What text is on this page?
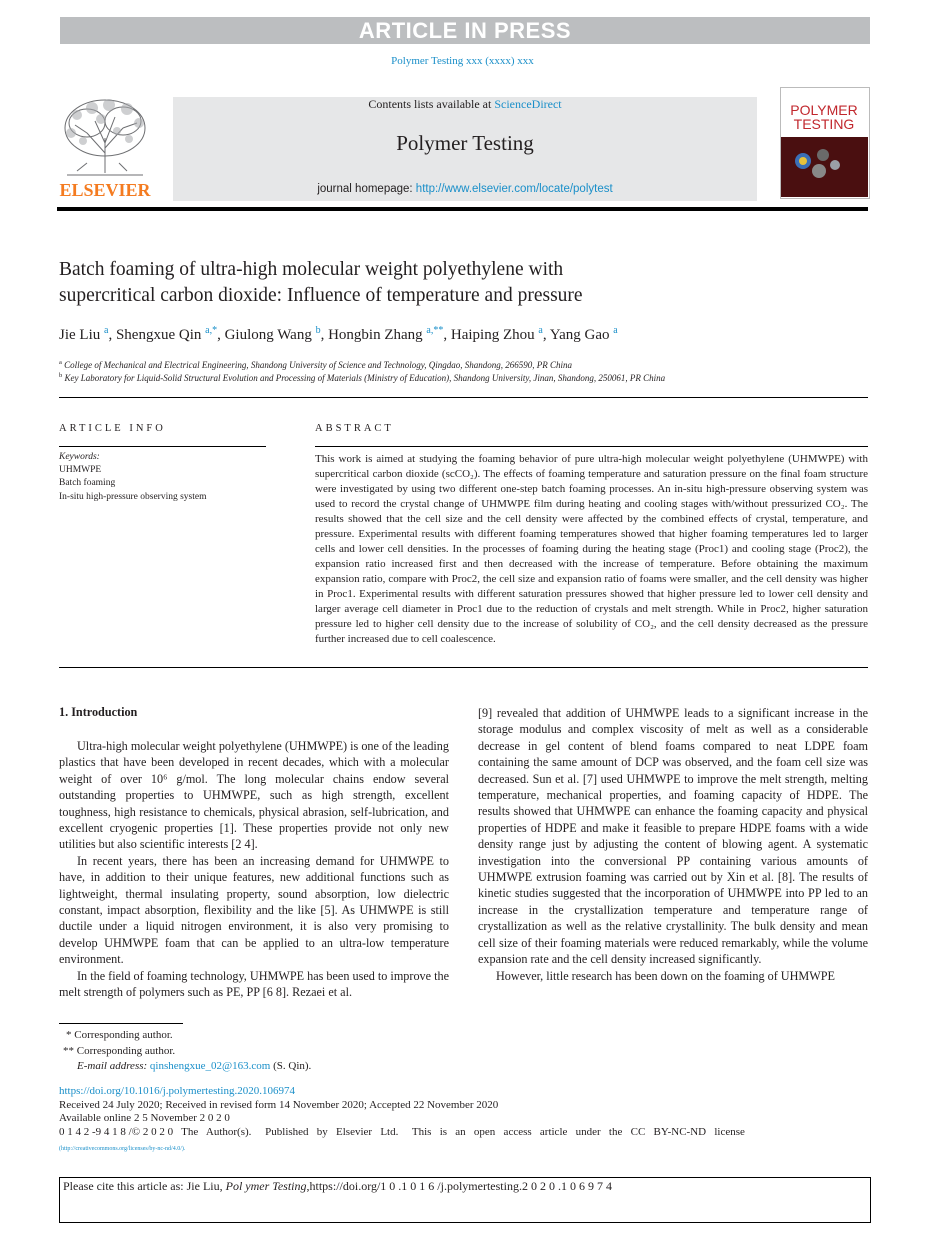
ARTICLE IN PRESS
Polymer Testing xxx (xxxx) xxx
ELSEVIER
Contents lists available at ScienceDirect
Polymer Testing
journal homepage: http://www.elsevier.com/locate/polytest
POLYMER
TESTING
Batch foaming of ultra-high molecular weight polyethylene with
supercritical carbon dioxide: Influence of temperature and pressure
Jie Liu $^a$, Shengxue Qin $^{a,*}$, Giulong Wang $^b$, Hongbin Zhang $^{a,**}$, Haiping Zhou $^a$, Yang Gao $^a$
$^a$ College of Mechanical and Electrical Engineering, Shandong University of Science and Technology, Qingdao, Shandong, 266590, PR China
$^b$ Key Laboratory for Liquid-Solid Structural Evolution and Processing of Materials (Ministry of Education), Shandong University, Jinan, Shandong, 250061, PR China
ARTICLE INFO
Keywords:
UHMWPE
Batch foaming
In-situ high-pressure observing system
ABSTRACT
This work is aimed at studying the foaming behavior of pure ultra-high molecular weight polyethylene (UHMWPE) with supercritical carbon dioxide (scCO₂). The effects of foaming temperature and saturation pressure on the final foam structure were investigated by using two different one-step batch foaming processes. An in-situ high-pressure observing system was used to record the crystal change of UHMWPE film during heating and cooling stages with/without pressurized CO₂. The results showed that the cell size and the cell density were affected by the combined effects of crystal, temperature, and pressure. Experimental results with different foaming temperatures showed that higher foaming temperatures led to larger cells and lower cell densities. In the processes of foaming during the heating stage (Proc1) and cooling stage (Proc2), the expansion ratio increased first and then decreased with the increase of temperature. Before obtaining the maximum expansion ratio, compare with Proc2, the cell size and expansion ratio of foams were smaller, and the cell density was higher in Proc1. Experimental results with different saturation pressures showed that higher pressure led to lower cell density and larger average cell diameter in Proc1 due to the reduction of crystals and melt strength. While in Proc2, higher saturation pressure led to higher cell density due to the increase of solubility of CO₂, and the cell density decreased as the pressure further increased due to cell coalescence.
1. Introduction

Ultra-high molecular weight polyethylene (UHMWPE) is one of the leading plastics that have been developed in recent decades, which with a molecular weight of over 10⁶ g/mol. The long molecular chains endow several outstanding properties to UHMWPE, such as high strength, excellent toughness, high resistance to chemicals, physical abrasion, self-lubrication, and excellent cryogenic properties [1]. These properties provide not only new utilities but also scientific interests [2 4].

In recent years, there has been an increasing demand for UHMWPE to have, in addition to their unique features, new additional functions such as lightweight, thermal insulating property, sound absorption, low dielectric constant, impact absorption, flexibility and the like [5]. As UHMWPE is still ductile under a liquid nitrogen environment, it is also very promising to develop UHMWPE foam that can be applied to an ultra-low temperature environment.

In the field of foaming technology, UHMWPE has been used to improve the melt strength of polymers such as PE, PP [6 8]. Rezaei et al.

[9] revealed that addition of UHMWPE leads to a significant increase in the storage modulus and complex viscosity of melt as well as a considerable decrease in gel content of blend foams compared to neat LDPE foam containing the same amount of DCP was observed, and the foam cell size was decreased. Sun et al. [7] used UHMWPE to improve the melt strength, melting temperature, mechanical properties, and foaming capacity of HDPE. The results showed that UHMWPE can enhance the foaming capacity and physical properties of HDPE and make it feasible to prepare HDPE foams with a wide density range just by adjusting the content of blowing agent. A systematic investigation into the conversional PP containing various amounts of UHMWPE extrusion foaming was carried out by Xin et al. [8]. The results of kinetic studies suggested that the incorporation of UHMWPE into PP led to an increase in the crystallization temperature and temperature range of crystallization as well as the relative crystallinity. The bulk density and mean cell size of their foaming materials were reduced remarkably, while the volume expansion rate and the cell density increased significantly.

However, little research has been down on the foaming of UHMWPE

* Corresponding author.
** Corresponding author.
E-mail address: qinshengxue_02@163.com (S. Qin).
https://doi.org/10.1016/j.polymertesting.2020.106974
Received 24 July 2020; Received in revised form 14 November 2020; Accepted 22 November 2020
Available online 2 5 November 2 0 2 0
0 1 4 2 -9 4 1 8 /© 2 0 2 0   The   Author(s).     Published   by   Elsevier   Ltd.     This   is   an   open   access   article   under   the   CC   BY-NC-ND   license
(http://creativecommons.org/licenses/by-nc-nd/4.0/).
Please cite this article as: Jie Liu, Pol ymer Testing,https://doi.org/1 0 .1 0 1 6 /j.polymertesting.2 0 2 0 .1 0 6 9 7 4
